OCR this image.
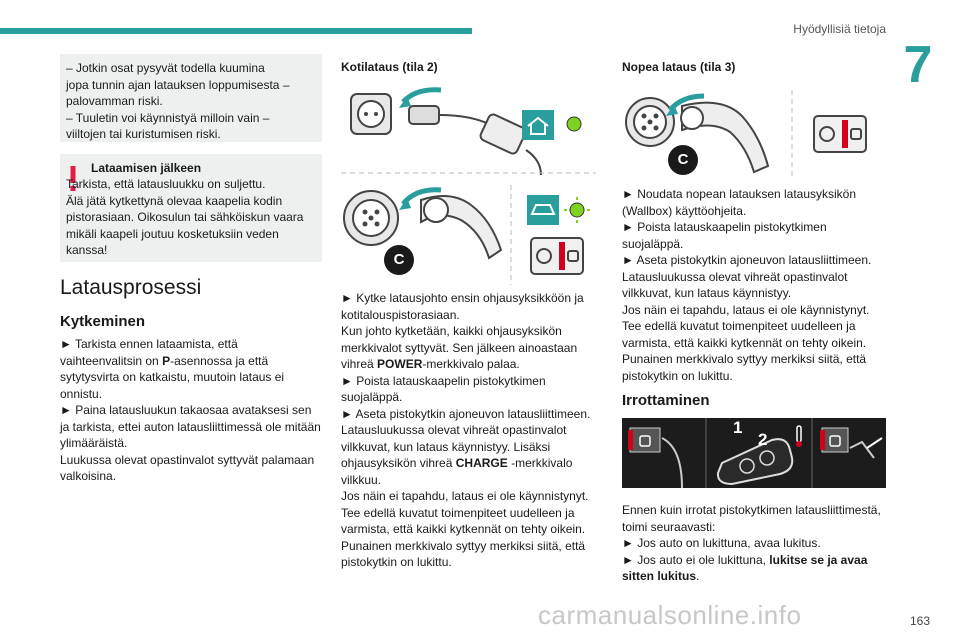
Hyödyllisiä tietoja
7
– Jotkin osat pysyvät todella kuumina
jopa tunnin ajan latauksen loppumisesta –
palovamman riski.
– Tuuletin voi käynnistyä milloin vain –
viiltojen tai kuristumisen riski.
Lataamisen jälkeen
Tarkista, että latausluukku on suljettu.
Älä jätä kytkettynä olevaa kaapelia kodin
pistorasiaan. Oikosulun tai sähköiskun vaara
mikäli kaapeli joutuu kosketuksiin veden
kanssa!
Latausprosessi
Kytkeminen
► Tarkista ennen lataamista, että
vaihteenvalitsin on P-asennossa ja että
sytytysvirta on katkaistu, muutoin lataus ei
onnistu.
► Paina latausluukun takaosaa avataksesi sen
ja tarkista, ettei auton latausliittimessä ole mitään
ylimääräistä.
Luukussa olevat opastinvalot syttyvät palamaan
valkoisina.
Kotilataus (tila 2)
C
► Kytke latausjohto ensin ohjausyksikköön ja
kotitalouspistorasiaan.
Kun johto kytketään, kaikki ohjausyksikön
merkkivalot syttyvät. Sen jälkeen ainoastaan
vihreä POWER-merkkivalo palaa.
► Poista latauskaapelin pistokytkimen
suojaläppä.
► Aseta pistokytkin ajoneuvon latausliittimeen.
Latausluukussa olevat vihreät opastinvalot
vilkkuvat, kun lataus käynnistyy. Lisäksi
ohjausyksikön vihreä CHARGE -merkkivalo
vilkkuu.
Jos näin ei tapahdu, lataus ei ole käynnistynyt.
Tee edellä kuvatut toimenpiteet uudelleen ja
varmista, että kaikki kytkennät on tehty oikein.
Punainen merkkivalo syttyy merkiksi siitä, että
pistokytkin on lukittu.
Nopea lataus (tila 3)
C
► Noudata nopean latauksen latausyksikön
(Wallbox) käyttöohjeita.
► Poista latauskaapelin pistokytkimen
suojaläppä.
► Aseta pistokytkin ajoneuvon latausliittimeen.
Latausluukussa olevat vihreät opastinvalot
vilkkuvat, kun lataus käynnistyy.
Jos näin ei tapahdu, lataus ei ole käynnistynyt.
Tee edellä kuvatut toimenpiteet uudelleen ja
varmista, että kaikki kytkennät on tehty oikein.
Punainen merkkivalo syttyy merkiksi siitä, että
pistokytkin on lukittu.
Irrottaminen
1
2
Ennen kuin irrotat pistokytkimen latausliittimestä,
toimi seuraavasti:
► Jos auto on lukittuna, avaa lukitus.
► Jos auto ei ole lukittuna, lukitse se ja avaa
sitten lukitus.
carmanualsonline.info	163
